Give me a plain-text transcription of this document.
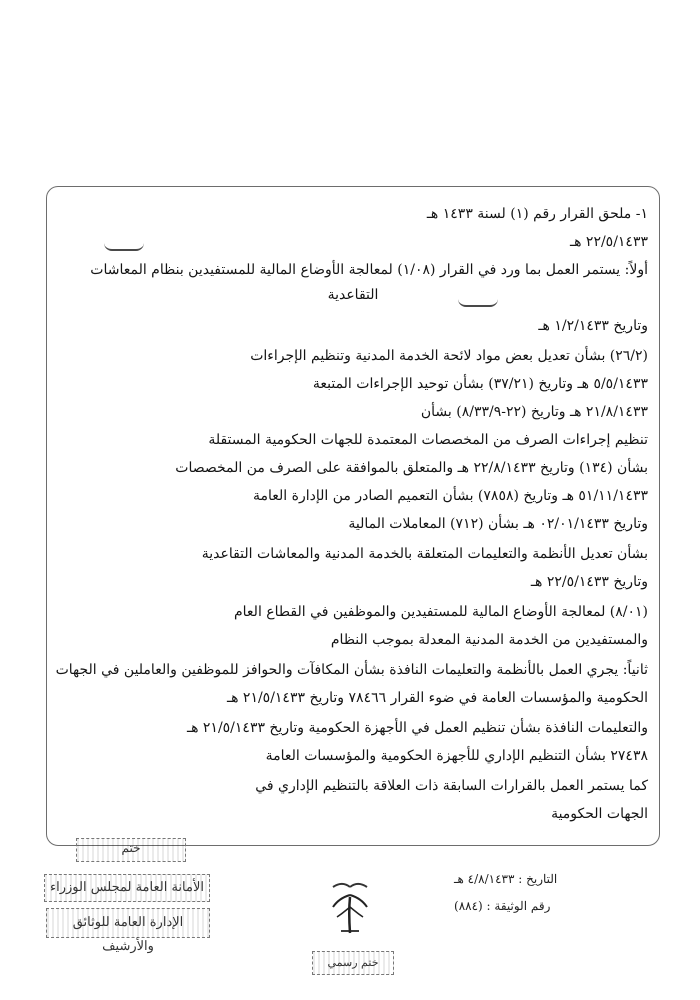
١- ملحق القرار رقم (١) لسنة ١٤٣٣ هـ
٢٢/٥/١٤٣٣ هـ
أولاً: يستمر العمل بما ورد في القرار (١/٠٨) لمعالجة الأوضاع المالية للمستفيدين بنظام المعاشات
التقاعدية
وتاريخ ١/٢/١٤٣٣ هـ
(٢٦/٢) بشأن تعديل بعض مواد لائحة الخدمة المدنية وتنظيم الإجراءات
٥/٥/١٤٣٣ هـ وتاريخ (٣٧/٢١) بشأن توحيد الإجراءات المتبعة
٢١/٨/١٤٣٣ هـ وتاريخ (٢٢-٨/٣٣/٩) بشأن
تنظيم إجراءات الصرف من المخصصات المعتمدة للجهات الحكومية المستقلة
بشأن (١٣٤) وتاريخ ٢٢/٨/١٤٣٣ هـ والمتعلق بالموافقة على الصرف من المخصصات
٥١/١١/١٤٣٣ هـ وتاريخ (٧٨٥٨) بشأن التعميم الصادر من الإدارة العامة
وتاريخ ٠٢/٠١/١٤٣٣ هـ بشأن (٧١٢) المعاملات المالية
بشأن تعديل الأنظمة والتعليمات المتعلقة بالخدمة المدنية والمعاشات التقاعدية
وتاريخ ٢٢/٥/١٤٣٣ هـ
(٨/٠١) لمعالجة الأوضاع المالية للمستفيدين والموظفين في القطاع العام
والمستفيدين من الخدمة المدنية المعدلة بموجب النظام
ثانياً: يجري العمل بالأنظمة والتعليمات النافذة بشأن المكافآت والحوافز للموظفين والعاملين في الجهات
الحكومية والمؤسسات العامة في ضوء القرار ٧٨٤٦٦ وتاريخ ٢١/٥/١٤٣٣ هـ
والتعليمات النافذة بشأن تنظيم العمل في الأجهزة الحكومية وتاريخ ٢١/٥/١٤٣٣ هـ
٢٧٤٣٨ بشأن التنظيم الإداري للأجهزة الحكومية والمؤسسات العامة
كما يستمر العمل بالقرارات السابقة ذات العلاقة بالتنظيم الإداري في
الجهات الحكومية
ختم
الأمانة العامة لمجلس الوزراء
الإدارة العامة للوثائق والأرشيف
ختم رسمي
التاريخ : ٤/٨/١٤٣٣ هـ
رقم الوثيقة : (٨٨٤)
